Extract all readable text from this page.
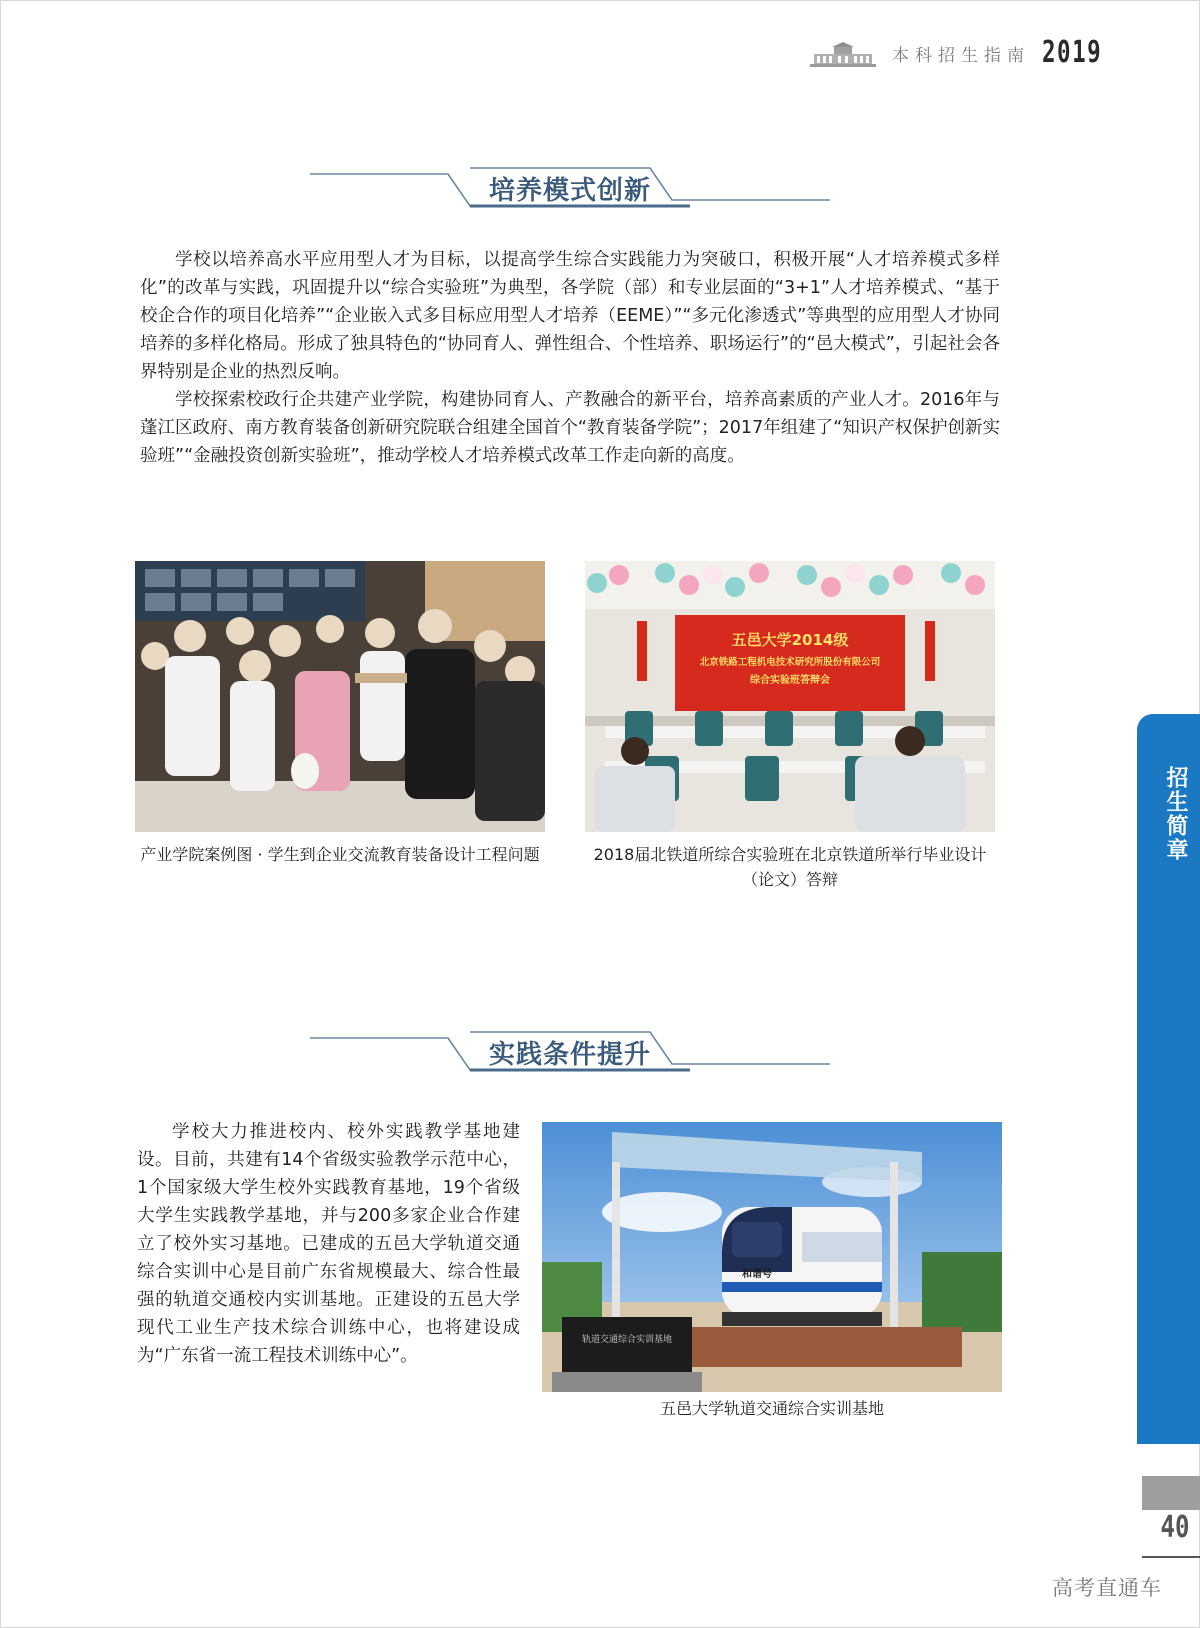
本科招生指南 2019
培养模式创新

学校以培养高水平应用型人才为目标，以提高学生综合实践能力为突破口，积极开展“人才培养模式多样化”的改革与实践，巩固提升以“综合实验班”为典型，各学院（部）和专业层面的“3+1”人才培养模式、“基于校企合作的项目化培养”“企业嵌入式多目标应用型人才培养（EEME）”“多元化渗透式”等典型的应用型人才协同培养的多样化格局。形成了独具特色的“协同育人、弹性组合、个性培养、职场运行”的“邑大模式”，引起社会各界特别是企业的热烈反响。

学校探索校政行企共建产业学院，构建协同育人、产教融合的新平台，培养高素质的产业人才。2016年与蓬江区政府、南方教育装备创新研究院联合组建全国首个“教育装备学院”；2017年组建了“知识产权保护创新实验班”“金融投资创新实验班”，推动学校人才培养模式改革工作走向新的高度。

产业学院案例图 · 学生到企业交流教育装备设计工程问题
五邑大学2014级
北京铁路工程机电技术研究所股份有限公司
综合实验班答辩会
2018届北铁道所综合实验班在北京铁道所举行毕业设计（论文）答辩
实践条件提升

学校大力推进校内、校外实践教学基地建设。目前，共建有14个省级实验教学示范中心，1个国家级大学生校外实践教育基地，19个省级大学生实践教学基地，并与200多家企业合作建立了校外实习基地。已建成的五邑大学轨道交通综合实训中心是目前广东省规模最大、综合性最强的轨道交通校内实训基地。正建设的五邑大学现代工业生产技术综合训练中心，也将建设成为“广东省一流工程技术训练中心”。

和谐号
轨道交通综合实训基地
五邑大学轨道交通综合实训基地
招生简章
40
高考直通车
